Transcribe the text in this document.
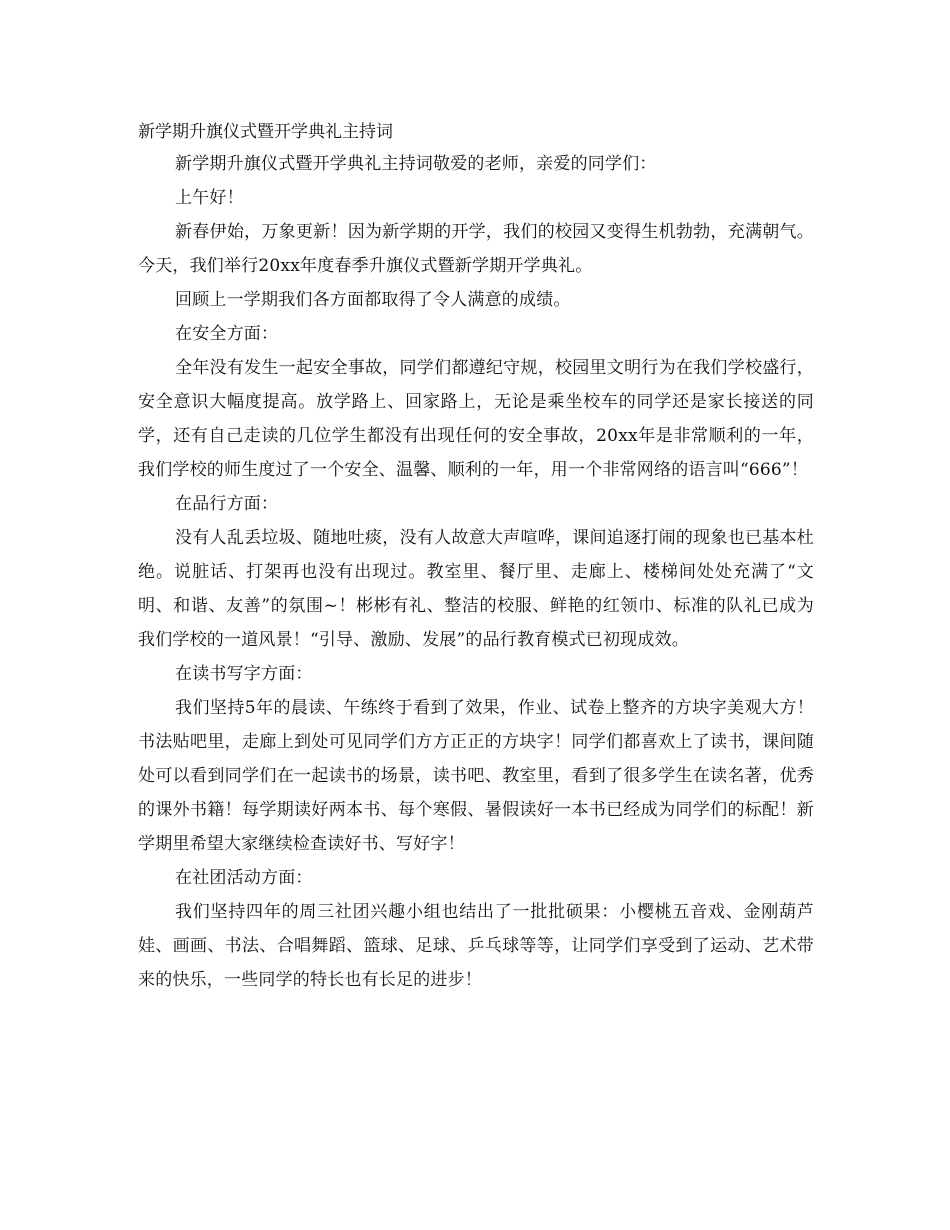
新学期升旗仪式暨开学典礼主持词

新学期升旗仪式暨开学典礼主持词敬爱的老师，亲爱的同学们：

上午好！

新春伊始，万象更新！因为新学期的开学，我们的校园又变得生机勃勃，充满朝气。今天，我们举行20xx年度春季升旗仪式暨新学期开学典礼。

回顾上一学期我们各方面都取得了令人满意的成绩。

在安全方面：

全年没有发生一起安全事故，同学们都遵纪守规，校园里文明行为在我们学校盛行，安全意识大幅度提高。放学路上、回家路上，无论是乘坐校车的同学还是家长接送的同学，还有自己走读的几位学生都没有出现任何的安全事故，20xx年是非常顺利的一年，我们学校的师生度过了一个安全、温馨、顺利的一年，用一个非常网络的语言叫“666”！

在品行方面：

没有人乱丢垃圾、随地吐痰，没有人故意大声喧哗，课间追逐打闹的现象也已基本杜绝。说脏话、打架再也没有出现过。教室里、餐厅里、走廊上、楼梯间处处充满了“文明、和谐、友善”的氛围~！彬彬有礼、整洁的校服、鲜艳的红领巾、标准的队礼已成为我们学校的一道风景！“引导、激励、发展”的品行教育模式已初现成效。

在读书写字方面：

我们坚持5年的晨读、午练终于看到了效果，作业、试卷上整齐的方块字美观大方！书法贴吧里，走廊上到处可见同学们方方正正的方块字！同学们都喜欢上了读书，课间随处可以看到同学们在一起读书的场景，读书吧、教室里，看到了很多学生在读名著，优秀的课外书籍！每学期读好两本书、每个寒假、暑假读好一本书已经成为同学们的标配！新学期里希望大家继续检查读好书、写好字！

在社团活动方面：

我们坚持四年的周三社团兴趣小组也结出了一批批硕果：小樱桃五音戏、金刚葫芦娃、画画、书法、合唱舞蹈、篮球、足球、乒乓球等等，让同学们享受到了运动、艺术带来的快乐，一些同学的特长也有长足的进步！
